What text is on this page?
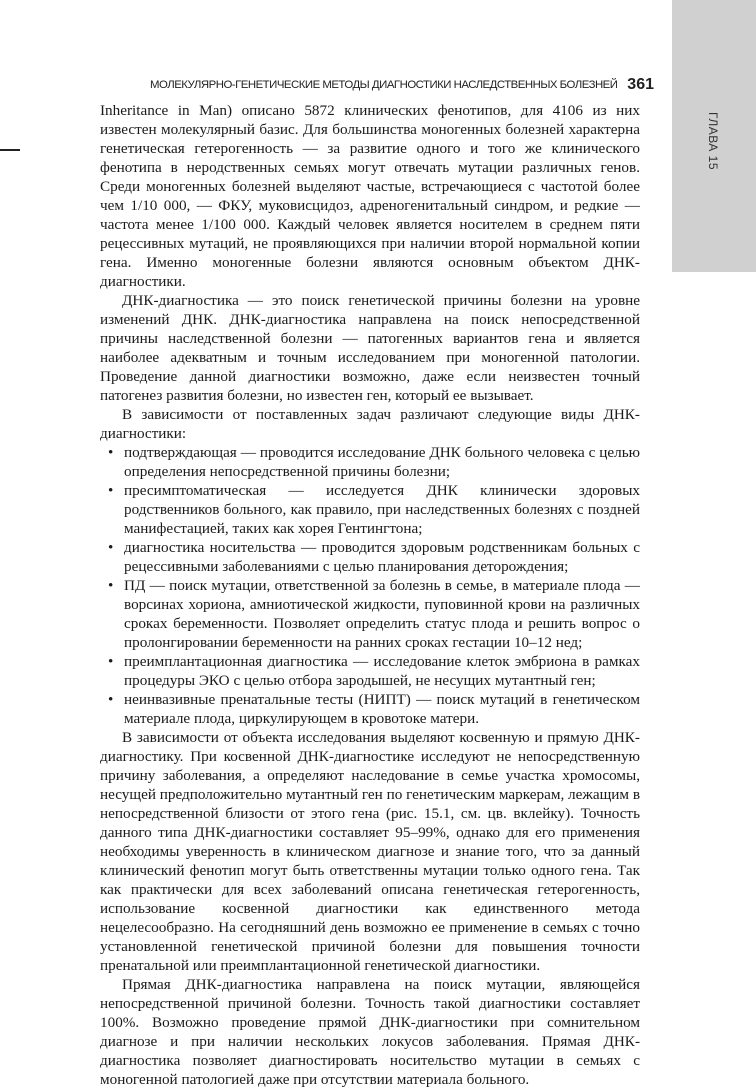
ГЛАВА 15
МОЛЕКУЛЯРНО-ГЕНЕТИЧЕСКИЕ МЕТОДЫ ДИАГНОСТИКИ НАСЛЕДСТВЕННЫХ БОЛЕЗНЕЙ 361

Inheritance in Man) описано 5872 клинических фенотипов, для 4106 из них известен молекулярный базис. Для большинства моногенных болезней характерна генетическая гетерогенность — за развитие одного и того же клинического фенотипа в неродственных семьях могут отвечать мутации различных генов. Среди моногенных болезней выделяют частые, встречающиеся с частотой более чем 1/10 000, — ФКУ, муковисцидоз, адреногенитальный синдром, и редкие — частота менее 1/100 000. Каждый человек является носителем в среднем пяти рецессивных мутаций, не проявляющихся при наличии второй нормальной копии гена. Именно моногенные болезни являются основным объектом ДНК-диагностики.

ДНК-диагностика — это поиск генетической причины болезни на уровне изменений ДНК. ДНК-диагностика направлена на поиск непосредственной причины наследственной болезни — патогенных вариантов гена и является наиболее адекватным и точным исследованием при моногенной патологии. Проведение данной диагностики возможно, даже если неизвестен точный патогенез развития болезни, но известен ген, который ее вызывает.

В зависимости от поставленных задач различают следующие виды ДНК-диагностики:

• подтверждающая — проводится исследование ДНК больного человека с целью определения непосредственной причины болезни;
• пресимптоматическая — исследуется ДНК клинически здоровых родственников больного, как правило, при наследственных болезнях с поздней манифестацией, таких как хорея Гентингтона;
• диагностика носительства — проводится здоровым родственникам больных с рецессивными заболеваниями с целью планирования деторождения;
• ПД — поиск мутации, ответственной за болезнь в семье, в материале плода — ворсинах хориона, амниотической жидкости, пуповинной крови на различных сроках беременности. Позволяет определить статус плода и решить вопрос о пролонгировании беременности на ранних сроках гестации 10–12 нед;
• преимплантационная диагностика — исследование клеток эмбриона в рамках процедуры ЭКО с целью отбора зародышей, не несущих мутантный ген;
• неинвазивные пренатальные тесты (НИПТ) — поиск мутаций в генетическом материале плода, циркулирующем в кровотоке матери.

В зависимости от объекта исследования выделяют косвенную и прямую ДНК-диагностику. При косвенной ДНК-диагностике исследуют не непосредственную причину заболевания, а определяют наследование в семье участка хромосомы, несущей предположительно мутантный ген по генетическим маркерам, лежащим в непосредственной близости от этого гена (рис. 15.1, см. цв. вклейку). Точность данного типа ДНК-диагностики составляет 95–99%, однако для его применения необходимы уверенность в клиническом диагнозе и знание того, что за данный клинический фенотип могут быть ответственны мутации только одного гена. Так как практически для всех заболеваний описана генетическая гетерогенность, использование косвенной диагностики как единственного метода нецелесообразно. На сегодняшний день возможно ее применение в семьях с точно установленной генетической причиной болезни для повышения точности пренатальной или преимплантационной генетической диагностики.

Прямая ДНК-диагностика направлена на поиск мутации, являющейся непосредственной причиной болезни. Точность такой диагностики составляет 100%. Возможно проведение прямой ДНК-диагностики при сомнительном диагнозе и при наличии нескольких локусов заболевания. Прямая ДНК-диагностика позволяет диагностировать носительство мутации в семьях с моногенной патологией даже при отсутствии материала больного.
